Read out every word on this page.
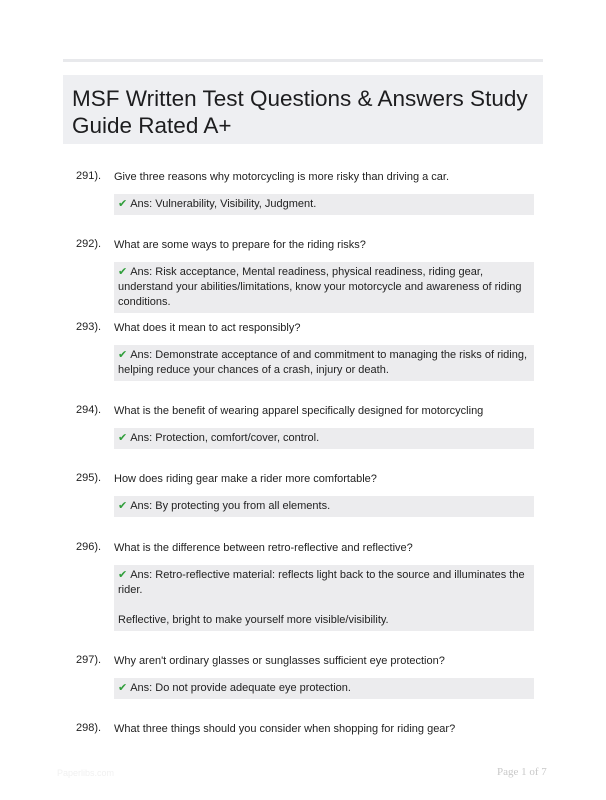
MSF Written Test Questions & Answers Study Guide Rated A+
291). Give three reasons why motorcycling is more risky than driving a car.

✔ Ans: Vulnerability, Visibility, Judgment.

292). What are some ways to prepare for the riding risks?

✔ Ans: Risk acceptance, Mental readiness, physical readiness, riding gear, understand your abilities/limitations, know your motorcycle and awareness of riding conditions.

293). What does it mean to act responsibly?

✔ Ans: Demonstrate acceptance of and commitment to managing the risks of riding, helping reduce your chances of a crash, injury or death.

294). What is the benefit of wearing apparel specifically designed for motorcycling

✔ Ans: Protection, comfort/cover, control.

295). How does riding gear make a rider more comfortable?

✔ Ans: By protecting you from all elements.

296). What is the difference between retro-reflective and reflective?

✔ Ans: Retro-reflective material: reflects light back to the source and illuminates the rider.

Reflective, bright to make yourself more visible/visibility.

297). Why aren't ordinary glasses or sunglasses sufficient eye protection?

✔ Ans: Do not provide adequate eye protection.

298). What three things should you consider when shopping for riding gear?
Paperlibs.com	Page 1 of 7
